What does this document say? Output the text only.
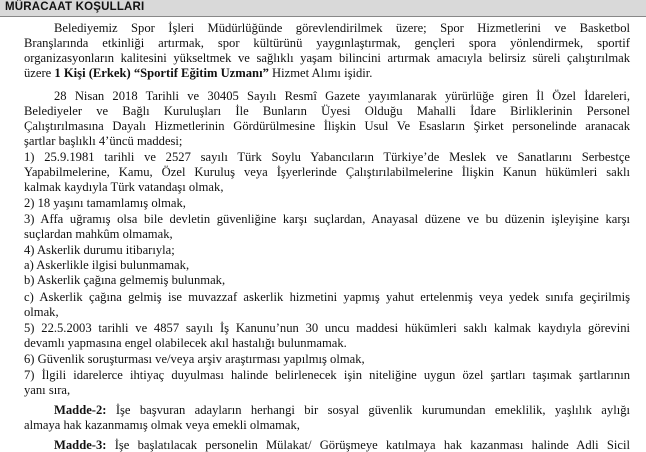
MÜRACAAT KOŞULLARI
Belediyemiz Spor İşleri Müdürlüğünde görevlendirilmek üzere; Spor Hizmetlerini ve Basketbol
Branşlarında etkinliği artırmak, spor kültürünü yaygınlaştırmak, gençleri spora yönlendirmek, sportif
organizasyonların kalitesini yükseltmek ve sağlıklı yaşam bilincini artırmak amacıyla belirsiz süreli çalıştırılmak
üzere 1 Kişi (Erkek) “Sportif Eğitim Uzmanı” Hizmet Alımı işidir.
28 Nisan 2018 Tarihli ve 30405 Sayılı Resmî Gazete yayımlanarak yürürlüğe giren İl Özel İdareleri,
Belediyeler ve Bağlı Kuruluşları İle Bunların Üyesi Olduğu Mahalli İdare Birliklerinin Personel
Çalıştırılmasına Dayalı Hizmetlerinin Gördürülmesine İlişkin Usul Ve Esasların Şirket personelinde aranacak
şartlar başlıklı 4’üncü maddesi;
1) 25.9.1981 tarihli ve 2527 sayılı Türk Soylu Yabancıların Türkiye’de Meslek ve Sanatlarını Serbestçe
Yapabilmelerine, Kamu, Özel Kuruluş veya İşyerlerinde Çalıştırılabilmelerine İlişkin Kanun hükümleri saklı
kalmak kaydıyla Türk vatandaşı olmak,
2) 18 yaşını tamamlamış olmak,
3) Affa uğramış olsa bile devletin güvenliğine karşı suçlardan, Anayasal düzene ve bu düzenin işleyişine karşı
suçlardan mahkûm olmamak,
4) Askerlik durumu itibarıyla;
a) Askerlikle ilgisi bulunmamak,
b) Askerlik çağına gelmemiş bulunmak,
c) Askerlik çağına gelmiş ise muvazzaf askerlik hizmetini yapmış yahut ertelenmiş veya yedek sınıfa geçirilmiş
olmak,
5) 22.5.2003 tarihli ve 4857 sayılı İş Kanunu’nun 30 uncu maddesi hükümleri saklı kalmak kaydıyla görevini
devamlı yapmasına engel olabilecek akıl hastalığı bulunmamak.
6) Güvenlik soruşturması ve/veya arşiv araştırması yapılmış olmak,
7) İlgili idarelerce ihtiyaç duyulması halinde belirlenecek işin niteliğine uygun özel şartları taşımak şartlarının
yanı sıra,
Madde-2: İşe başvuran adayların herhangi bir sosyal güvenlik kurumundan emeklilik, yaşlılık aylığı
almaya hak kazanmamış olmak veya emekli olmamak,
Madde-3: İşe başlatılacak personelin Mülakat/ Görüşmeye katılmaya hak kazanması halinde Adli Sicil
